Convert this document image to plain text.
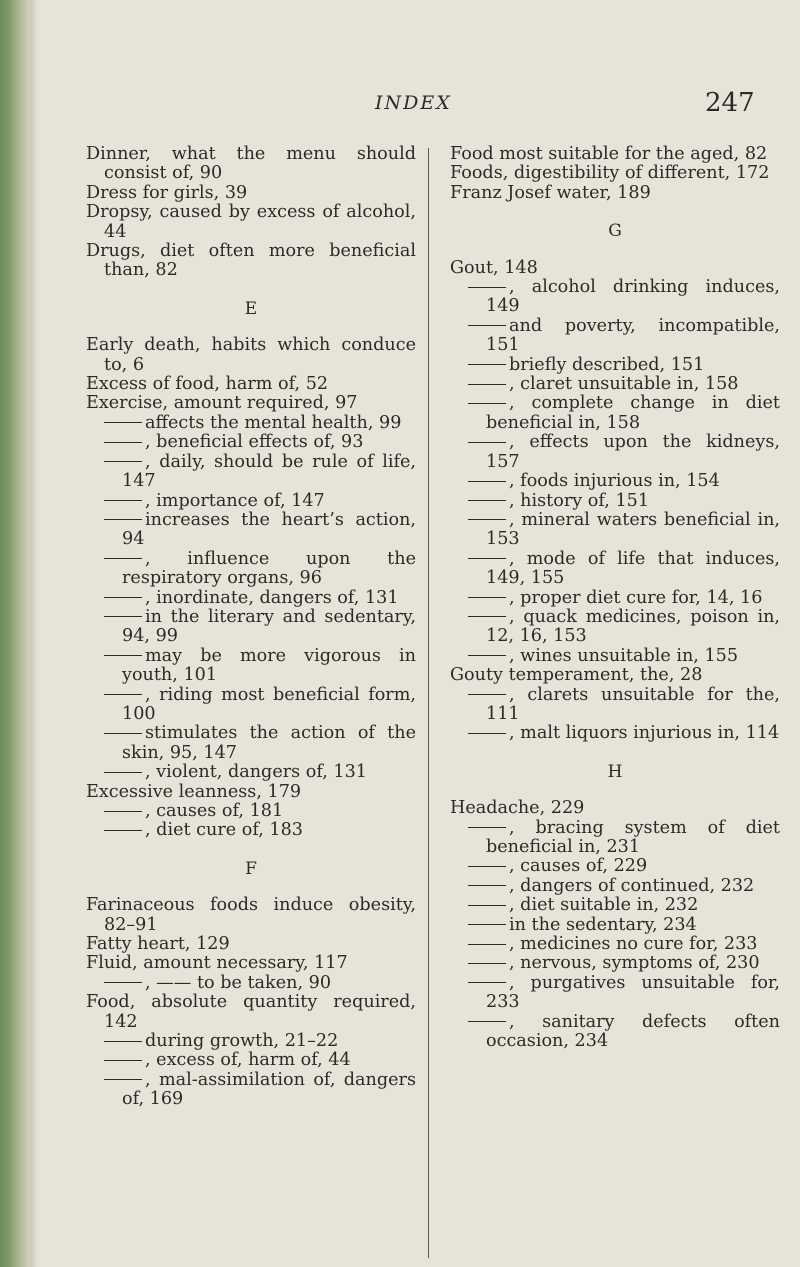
INDEX	247
Dinner, what the menu should consist of, 90
Dress for girls, 39
Dropsy, caused by excess of alcohol, 44
Drugs, diet often more beneficial than, 82
E
Early death, habits which conduce to, 6
Excess of food, harm of, 52
Exercise, amount required, 97
affects the mental health, 99
, beneficial effects of, 93
, daily, should be rule of life, 147
, importance of, 147
increases the heart’s action, 94
, influence upon the respiratory organs, 96
, inordinate, dangers of, 131
in the literary and sedentary, 94, 99
may be more vigorous in youth, 101
, riding most beneficial form, 100
stimulates the action of the skin, 95, 147
, violent, dangers of, 131
Excessive leanness, 179
, causes of, 181
, diet cure of, 183
F
Farinaceous foods induce obesity, 82–91
Fatty heart, 129
Fluid, amount necessary, 117
, —— to be taken, 90
Food, absolute quantity required, 142
during growth, 21–22
, excess of, harm of, 44
, mal-assimilation of, dangers of, 169
Food most suitable for the aged, 82
Foods, digestibility of different, 172
Franz Josef water, 189
G
Gout, 148
, alcohol drinking induces, 149
and poverty, incompatible, 151
briefly described, 151
, claret unsuitable in, 158
, complete change in diet beneficial in, 158
, effects upon the kidneys, 157
, foods injurious in, 154
, history of, 151
, mineral waters beneficial in, 153
, mode of life that induces, 149, 155
, proper diet cure for, 14, 16
, quack medicines, poison in, 12, 16, 153
, wines unsuitable in, 155
Gouty temperament, the, 28
, clarets unsuitable for the, 111
, malt liquors injurious in, 114
H
Headache, 229
, bracing system of diet beneficial in, 231
, causes of, 229
, dangers of continued, 232
, diet suitable in, 232
in the sedentary, 234
, medicines no cure for, 233
, nervous, symptoms of, 230
, purgatives unsuitable for, 233
, sanitary defects often occasion, 234
